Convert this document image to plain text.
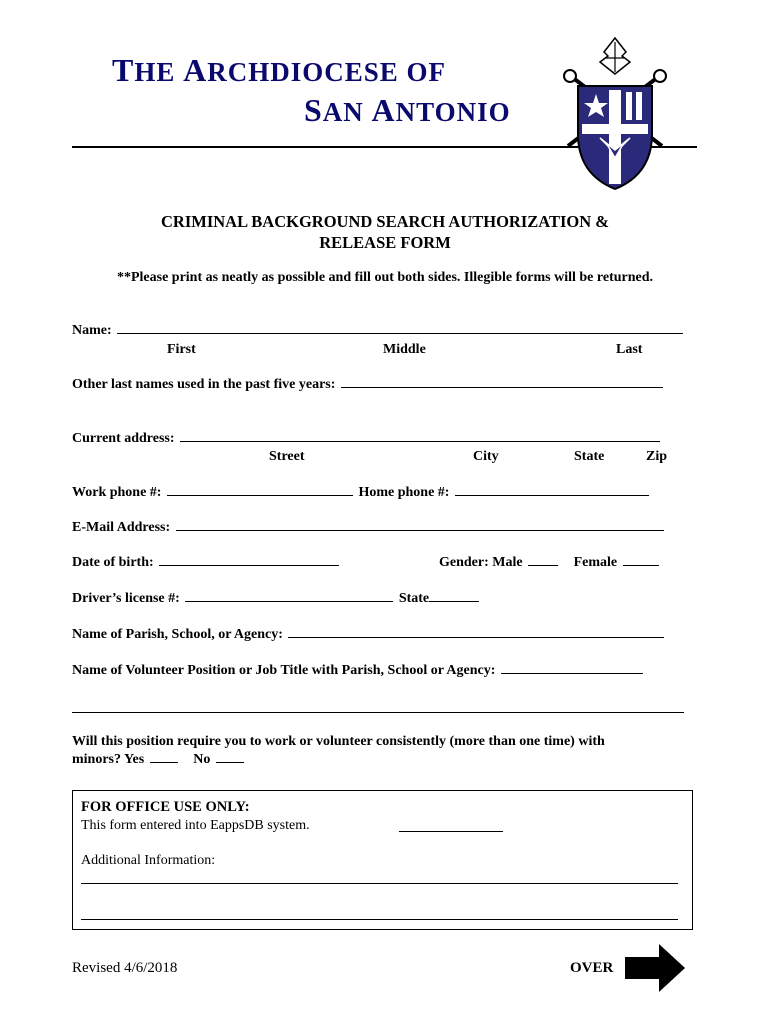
THE ARCHDIOCESE OF
SAN ANTONIO
CRIMINAL BACKGROUND SEARCH AUTHORIZATION &
RELEASE FORM
**Please print as neatly as possible and fill out both sides. Illegible forms will be returned.
Name:
First	Middle	Last
Other last names used in the past five years:
Current address:
Street	City	State	Zip
Work phone #:	Home phone #:
E-Mail Address:
Date of birth:	Gender: Male	Female
Driver’s license #:	State
Name of Parish, School, or Agency:
Name of Volunteer Position or Job Title with Parish, School or Agency:
Will this position require you to work or volunteer consistently (more than one time) with
minors? Yes	No
FOR OFFICE USE ONLY:
This form entered into EappsDB system.
Additional Information:
Revised 4/6/2018	OVER
